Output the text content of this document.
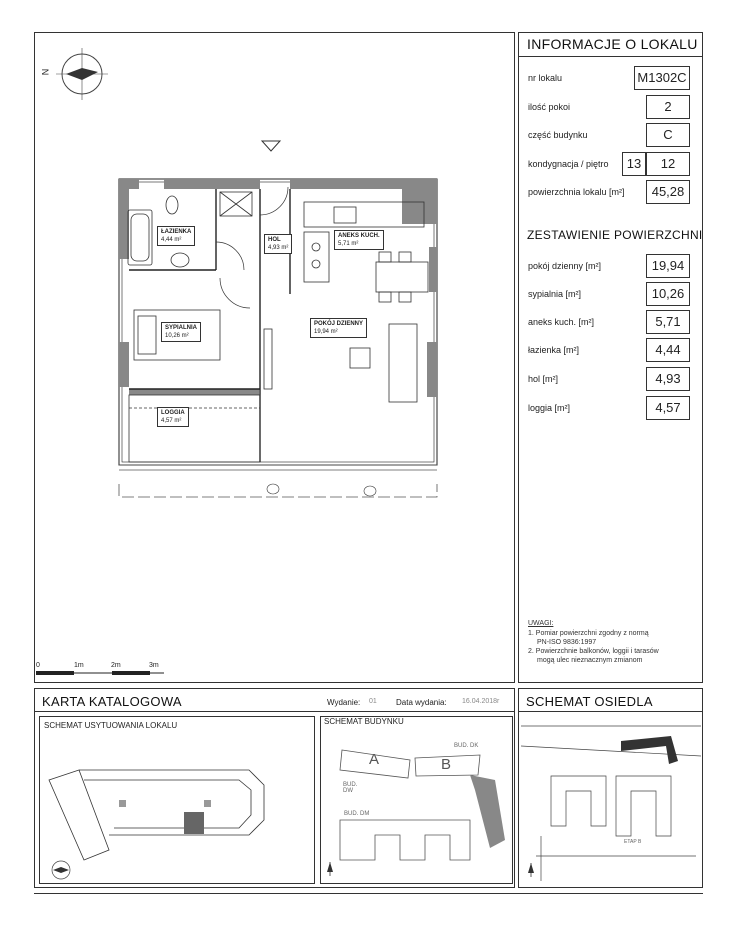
INFORMACJE O LOKALU
nr lokalu	M1302C
ilość pokoi	2
część budynku	C
kondygnacja / piętro	13	12
powierzchnia lokalu [m²]	45,28
ZESTAWIENIE POWIERZCHNI
pokój dzienny [m²]	19,94
sypialnia [m²]	10,26
aneks kuch. [m²]	5,71
łazienka [m²]	4,44
hol [m²]	4,93
loggia [m²]	4,57
UWAGI:
1. Pomiar powierzchni zgodny z normą
PN-ISO 9836:1997
2. Powierzchnie balkonów, loggii i tarasów
mogą ulec nieznacznym zmianom
ŁAZIENKA
4,44 m²	HOL
4,93 m²
ANEKS KUCH.
5,71 m²
SYPIALNIA
10,26 m²
POKÓJ DZIENNY
19,94 m²
LOGGIA
4,57 m²
N
0	1m	2m	3m
KARTA KATALOGOWA	Wydanie: 01 Data wydania: 16.04.2018r SCHEMAT OSIEDLA
SCHEMAT USYTUOWANIA LOKALU	SCHEMAT BUDYNKU
A	B
BUD. DK
BUD. DW
BUD. DM
ETAP B
